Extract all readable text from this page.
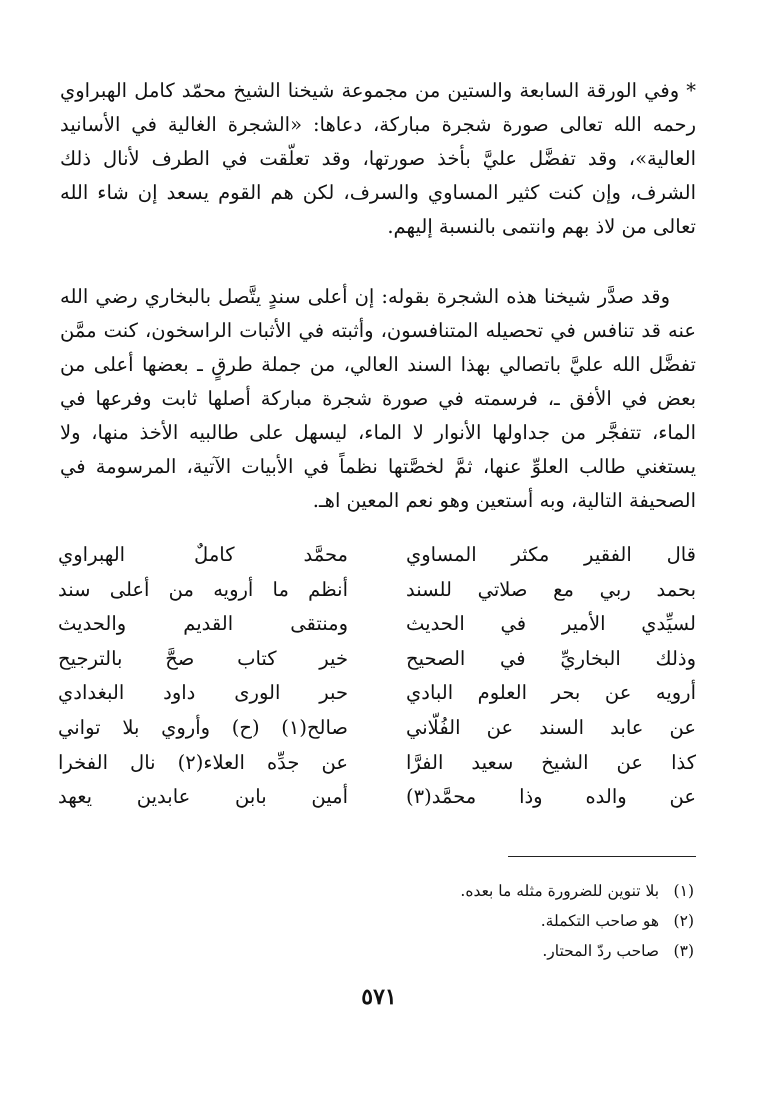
* وفي الورقة السابعة والستين من مجموعة شيخنا الشيخ محمّد كامل الهبراوي رحمه الله تعالى صورة شجرة مباركة، دعاها: «الشجرة الغالية في الأسانيد العالية»، وقد تفضَّل عليَّ بأخذ صورتها، وقد تعلّقت في الطرف لأنال ذلك الشرف، وإن كنت كثير المساوي والسرف، لكن هم القوم يسعد إن شاء الله تعالى من لاذ بهم وانتمى بالنسبة إليهم.

وقد صدَّر شيخنا هذه الشجرة بقوله: إن أعلى سندٍ يتَّصل بالبخاري رضي الله عنه قد تنافس في تحصيله المتنافسون، وأثبته في الأثبات الراسخون، كنت ممَّن تفضَّل الله عليَّ باتصالي بهذا السند العالي، من جملة طرقٍ ـ بعضها أعلى من بعض في الأفق ـ، فرسمته في صورة شجرة مباركة أصلها ثابت وفرعها في الماء، تتفجَّر من جداولها الأنوار لا الماء، ليسهل على طالبيه الأخذ منها، ولا يستغني طالب العلوِّ عنها، ثمَّ لخصَّتها نظماً في الأبيات الآتية، المرسومة في الصحيفة التالية، وبه أستعين وهو نعم المعين اهـ.

قال الفقير مكثر المساوي
محمَّد كاملٌ الهبراوي
بحمد ربي مع صلاتي للسند
أنظم ما أرويه من أعلى سند
لسيِّدي الأمير في الحديث
ومنتقى القديم والحديث
وذلك البخاريِّ في الصحيح
خير كتاب صحَّ بالترجيح
أرويه عن بحر العلوم البادي
حبر الورى داود البغدادي
عن عابد السند عن الفُلّاني
صالح(١) (ح) وأروي بلا تواني
كذا عن الشيخ سعيد الفرَّا
عن جدِّه العلاء(٢) نال الفخرا
عن والده وذا محمَّد(٣)
أمين بابن عابدين يعهد
(١) بلا تنوين للضرورة مثله ما بعده.
(٢) هو صاحب التكملة.
(٣) صاحب ردّ المحتار.
٥٧١
